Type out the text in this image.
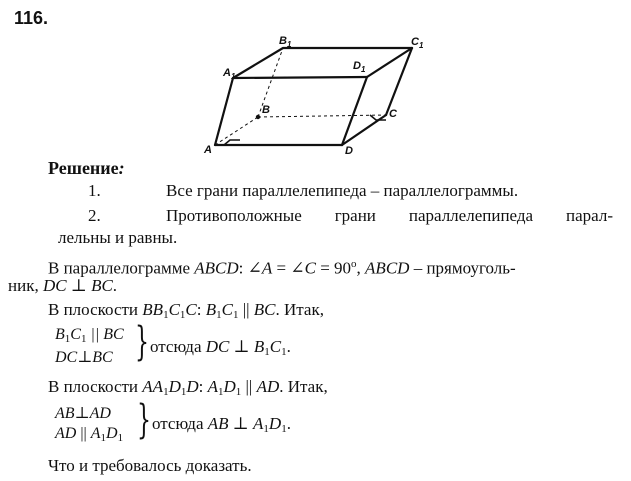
116.
A	D
C
B
$A_1$
$B_1$	$C_1$
$D_1$
Решение:
1.	Все грани параллелепипеда – параллелограммы.
2.	Противоположные грани параллелепипеда парал-
лельны и равны.
В параллелограмме ABCD: ∠A = ∠C = $90^o$, ABCD – прямоуголь-
ник, DC ⊥ BC.
В плоскости $BB_1C_1C$: $B_1C_1$ || BC. Итак,
$B_1C_1$ || BC
DC⊥BC } отсюда DC ⊥ $B_1C_1$.
В плоскости $AA_1D_1D$: $A_1D_1$ || AD. Итак,
AB⊥AD
AD || $A_1D_1$ } отсюда AB ⊥ $A_1D_1$.
Что и требовалось доказать.
